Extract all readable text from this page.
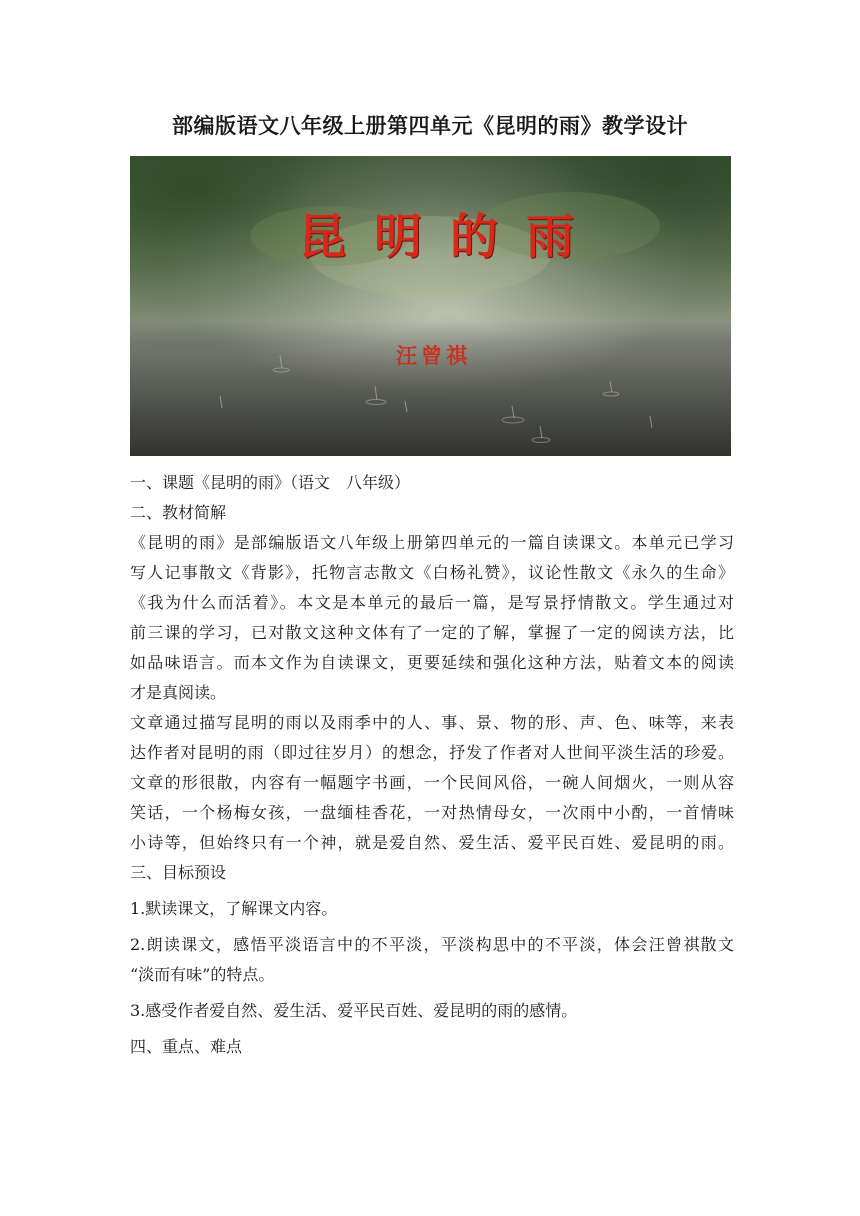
部编版语文八年级上册第四单元《昆明的雨》教学设计
昆明的雨
汪曾祺
一、课题《昆明的雨》（语文　八年级）
二、教材简解
《昆明的雨》是部编版语文八年级上册第四单元的一篇自读课文。本单元已学习
写人记事散文《背影》，托物言志散文《白杨礼赞》，议论性散文《永久的生命》
《我为什么而活着》。本文是本单元的最后一篇，是写景抒情散文。学生通过对
前三课的学习，已对散文这种文体有了一定的了解，掌握了一定的阅读方法，比
如品味语言。而本文作为自读课文，更要延续和强化这种方法，贴着文本的阅读
才是真阅读。
文章通过描写昆明的雨以及雨季中的人、事、景、物的形、声、色、味等，来表
达作者对昆明的雨（即过往岁月）的想念，抒发了作者对人世间平淡生活的珍爱。
文章的形很散，内容有一幅题字书画，一个民间风俗，一碗人间烟火，一则从容
笑话，一个杨梅女孩，一盘缅桂香花，一对热情母女，一次雨中小酌，一首情味
小诗等，但始终只有一个神，就是爱自然、爱生活、爱平民百姓、爱昆明的雨。
三、目标预设
1.默读课文，了解课文内容。
2.朗读课文，感悟平淡语言中的不平淡，平淡构思中的不平淡，体会汪曾祺散文
“淡而有味”的特点。
3.感受作者爱自然、爱生活、爱平民百姓、爱昆明的雨的感情。
四、重点、难点
